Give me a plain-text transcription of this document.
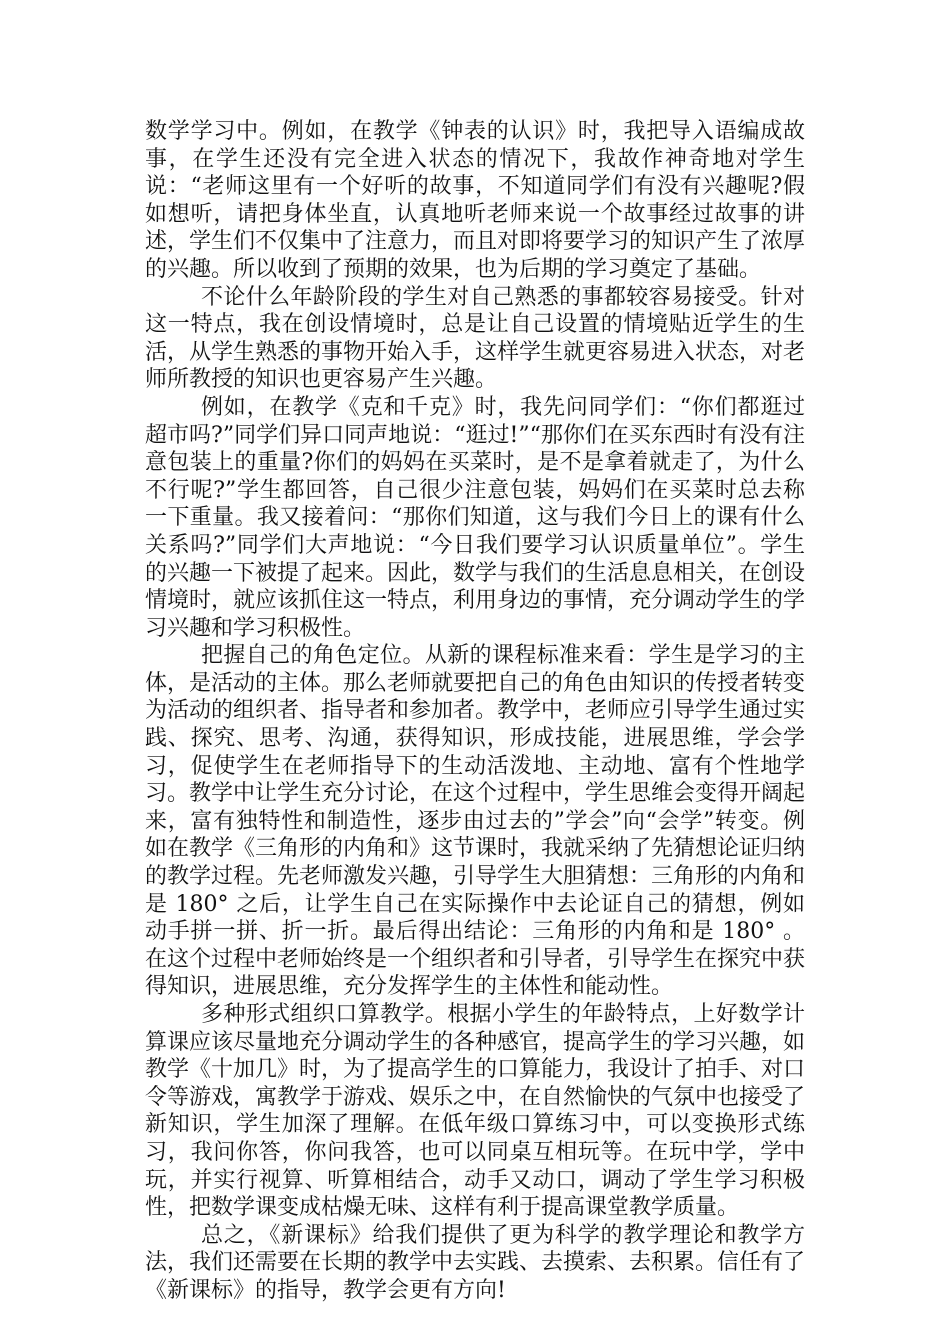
数学学习中。例如，在教学《钟表的认识》时，我把导入语编成故事，在学生还没有完全进入状态的情况下，我故作神奇地对学生说：“老师这里有一个好听的故事，不知道同学们有没有兴趣呢?假如想听，请把身体坐直，认真地听老师来说一个故事经过故事的讲述，学生们不仅集中了注意力，而且对即将要学习的知识产生了浓厚的兴趣。所以收到了预期的效果，也为后期的学习奠定了基础。

不论什么年龄阶段的学生对自己熟悉的事都较容易接受。针对这一特点，我在创设情境时，总是让自己设置的情境贴近学生的生活，从学生熟悉的事物开始入手，这样学生就更容易进入状态，对老师所教授的知识也更容易产生兴趣。

例如，在教学《克和千克》时，我先问同学们：“你们都逛过超市吗?”同学们异口同声地说：“逛过!”“那你们在买东西时有没有注意包装上的重量?你们的妈妈在买菜时，是不是拿着就走了，为什么不行呢?”学生都回答，自己很少注意包装，妈妈们在买菜时总去称一下重量。我又接着问：“那你们知道，这与我们今日上的课有什么关系吗?”同学们大声地说：“今日我们要学习认识质量单位”。学生的兴趣一下被提了起来。因此，数学与我们的生活息息相关，在创设情境时，就应该抓住这一特点，利用身边的事情，充分调动学生的学习兴趣和学习积极性。

把握自己的角色定位。从新的课程标准来看：学生是学习的主体，是活动的主体。那么老师就要把自己的角色由知识的传授者转变为活动的组织者、指导者和参加者。教学中，老师应引导学生通过实践、探究、思考、沟通，获得知识，形成技能，进展思维，学会学习，促使学生在老师指导下的生动活泼地、主动地、富有个性地学习。教学中让学生充分讨论，在这个过程中，学生思维会变得开阔起来，富有独特性和制造性，逐步由过去的”学会”向“会学”转变。例如在教学《三角形的内角和》这节课时，我就采纳了先猜想论证归纳的教学过程。先老师激发兴趣，引导学生大胆猜想：三角形的内角和是 180° 之后，让学生自己在实际操作中去论证自己的猜想，例如动手拼一拼、折一折。最后得出结论：三角形的内角和是 180° 。在这个过程中老师始终是一个组织者和引导者，引导学生在探究中获得知识，进展思维，充分发挥学生的主体性和能动性。

多种形式组织口算教学。根据小学生的年龄特点，上好数学计算课应该尽量地充分调动学生的各种感官，提高学生的学习兴趣，如教学《十加几》时，为了提高学生的口算能力，我设计了拍手、对口令等游戏，寓教学于游戏、娱乐之中，在自然愉快的气氛中也接受了新知识，学生加深了理解。在低年级口算练习中，可以变换形式练习，我问你答，你问我答，也可以同桌互相玩等。在玩中学，学中玩，并实行视算、听算相结合，动手又动口，调动了学生学习积极性，把数学课变成枯燥无味、这样有利于提高课堂教学质量。

总之，《新课标》给我们提供了更为科学的教学理论和教学方法，我们还需要在长期的教学中去实践、去摸索、去积累。信任有了《新课标》的指导，教学会更有方向!
